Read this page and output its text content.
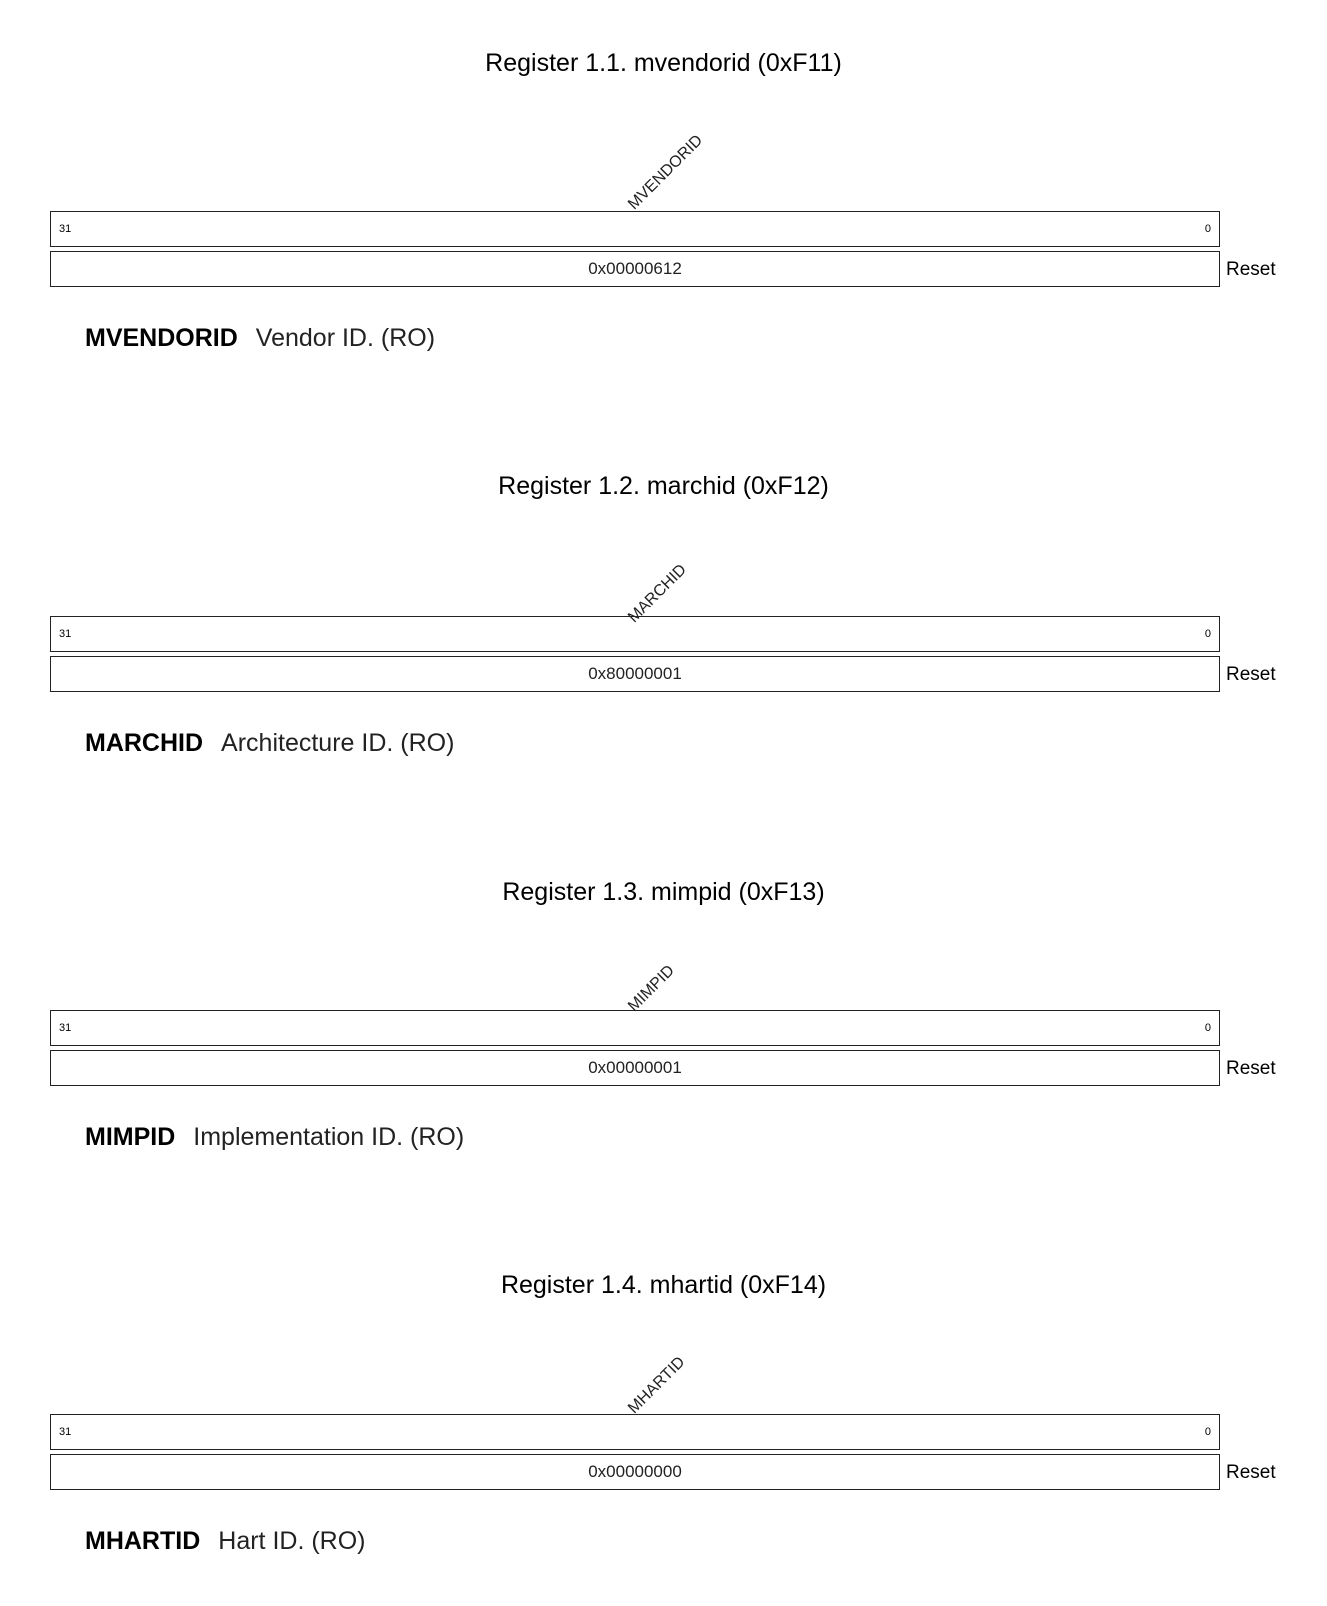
Register 1.1. mvendorid (0xF11)
MVENDORID
31	0
0x00000612	Reset
MVENDORID Vendor ID. (RO)
Register 1.2. marchid (0xF12)
MARCHID
31	0
0x80000001	Reset
MARCHID Architecture ID. (RO)
Register 1.3. mimpid (0xF13)
MIMPID
31	0
0x00000001	Reset
MIMPID Implementation ID. (RO)
Register 1.4. mhartid (0xF14)
MHARTID
31	0
0x00000000	Reset
MHARTID Hart ID. (RO)
